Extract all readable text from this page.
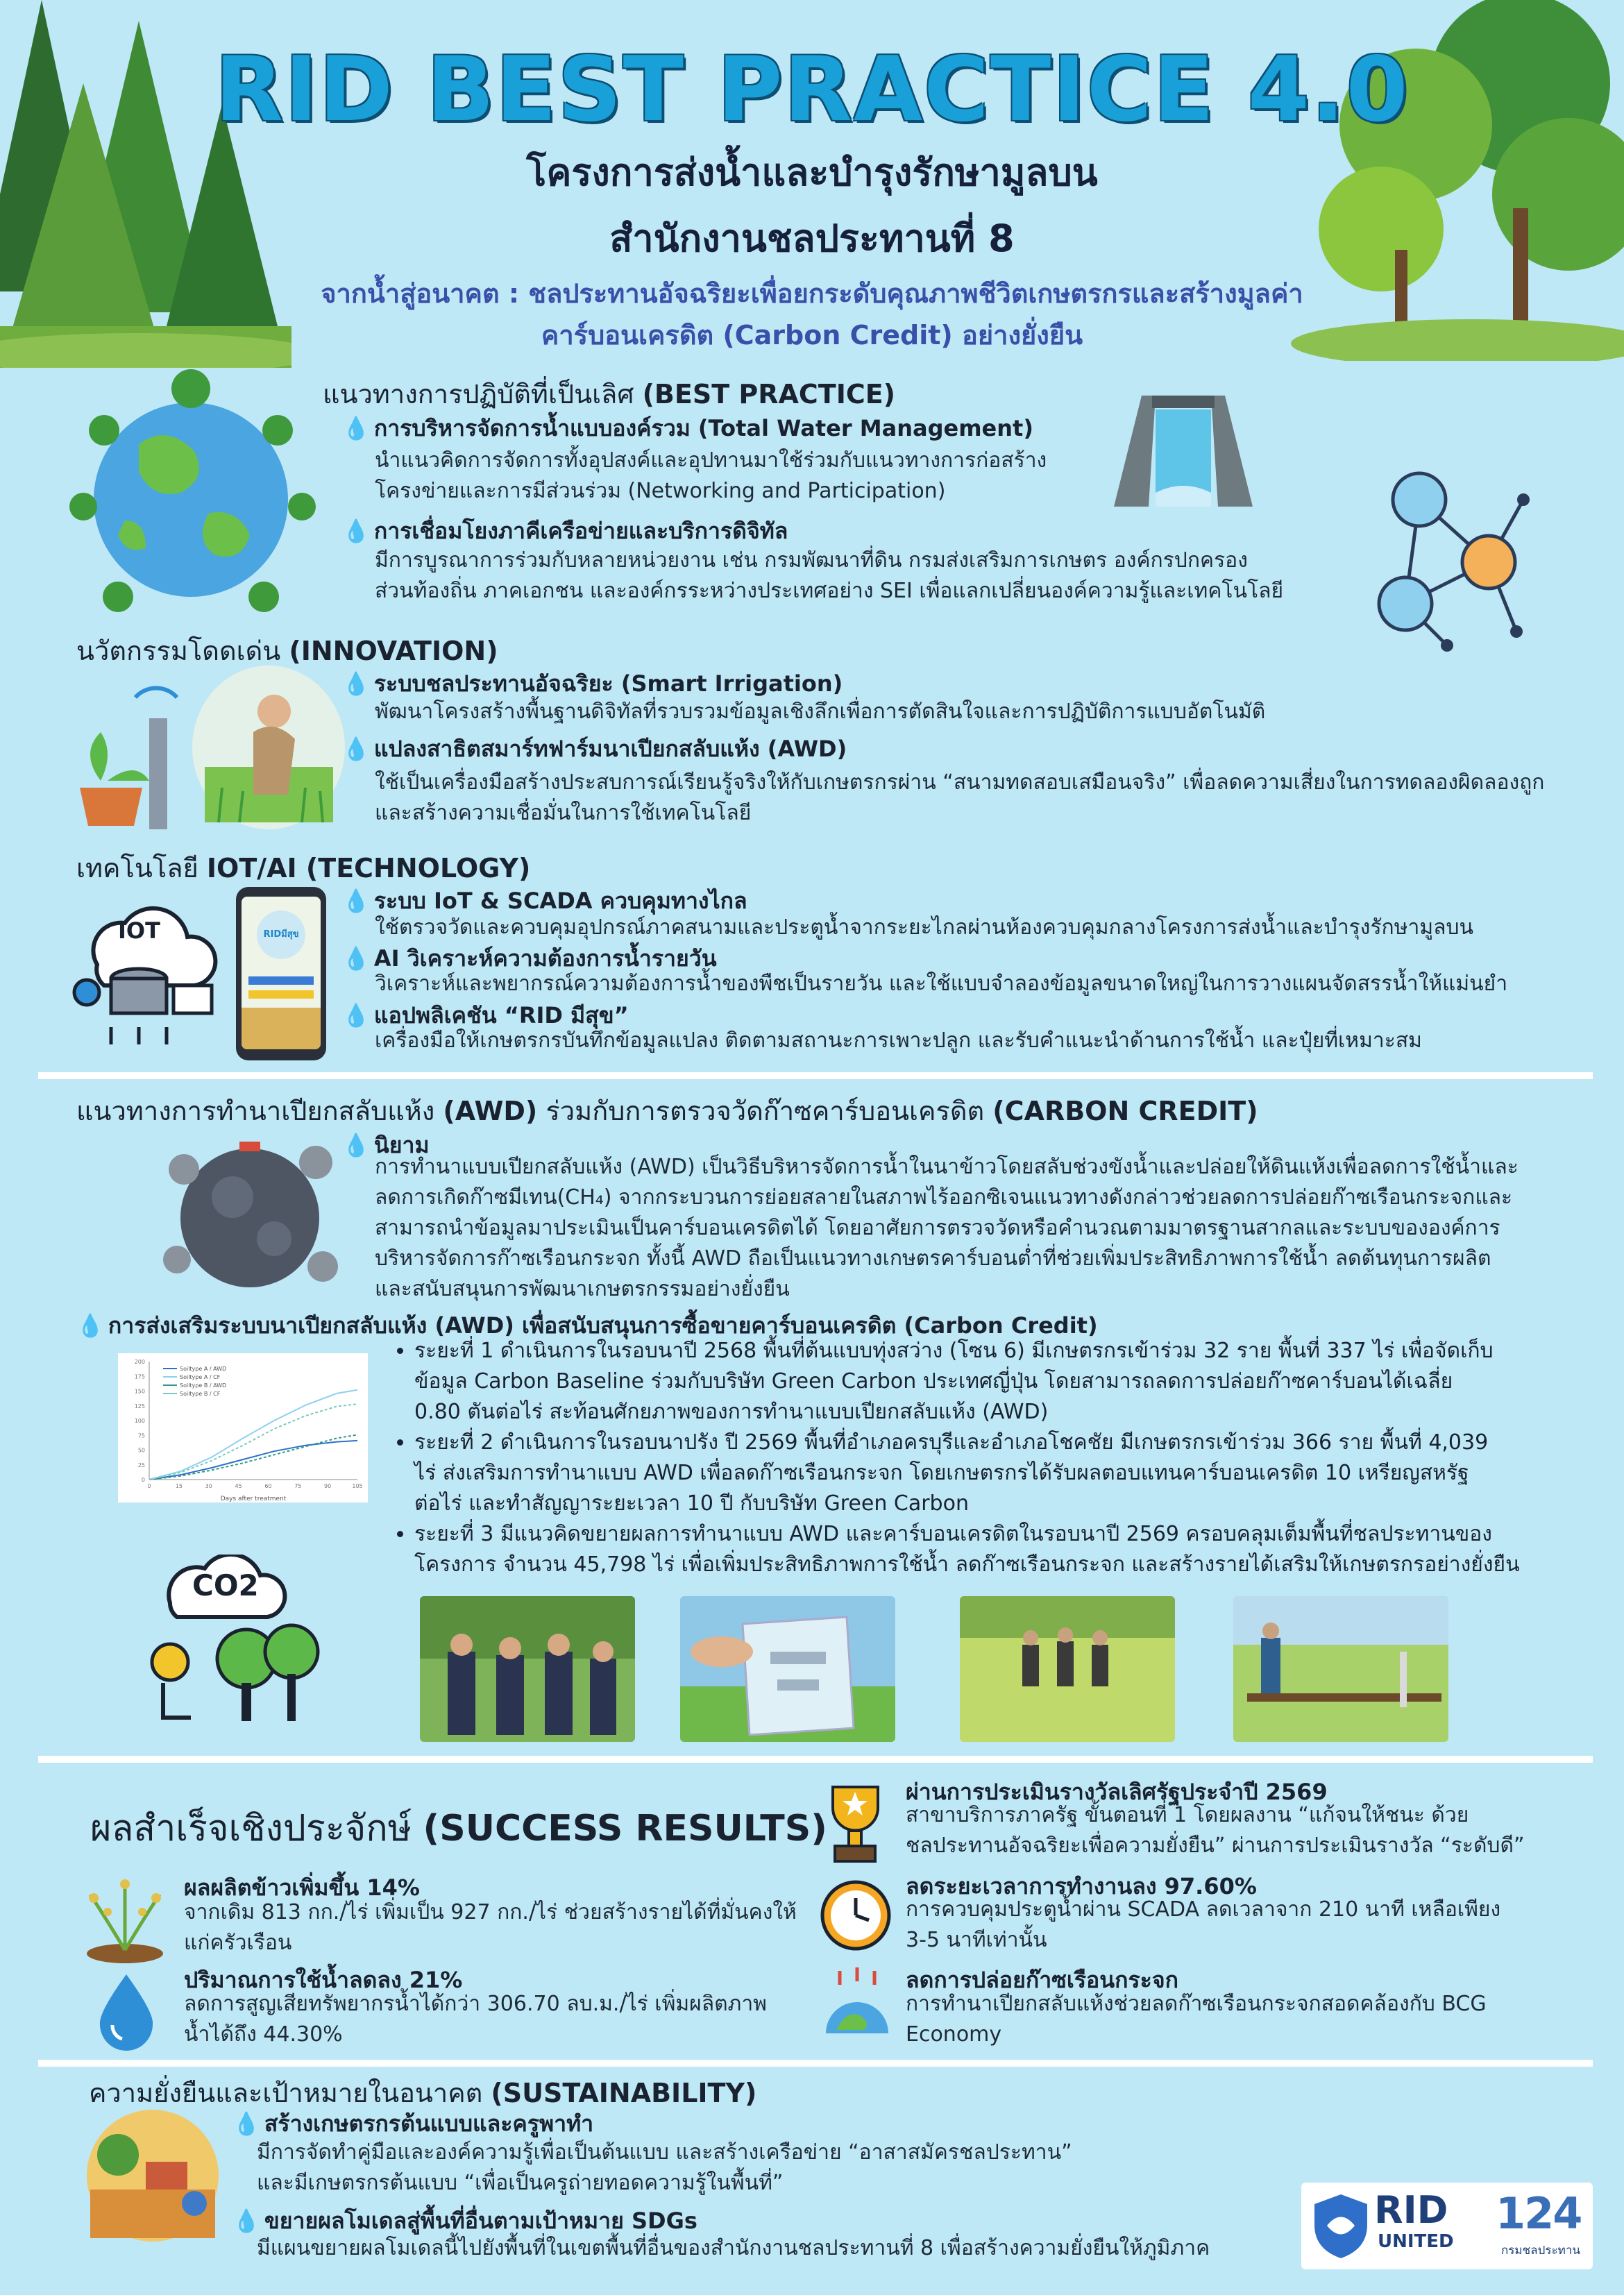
RID BEST PRACTICE 4.0
โครงการส่งน้ำและบำรุงรักษามูลบน
สำนักงานชลประทานที่ 8
จากน้ำสู่อนาคต : ชลประทานอัจฉริยะเพื่อยกระดับคุณภาพชีวิตเกษตรกรและสร้างมูลค่า
คาร์บอนเครดิต (Carbon Credit) อย่างยั่งยืน
แนวทางการปฏิบัติที่เป็นเลิศ (BEST PRACTICE)
💧 การบริหารจัดการน้ำแบบองค์รวม (Total Water Management)
นำแนวคิดการจัดการทั้งอุปสงค์และอุปทานมาใช้ร่วมกับแนวทางการก่อสร้าง
โครงข่ายและการมีส่วนร่วม (Networking and Participation)
💧 การเชื่อมโยงภาคีเครือข่ายและบริการดิจิทัล
มีการบูรณาการร่วมกับหลายหน่วยงาน เช่น กรมพัฒนาที่ดิน กรมส่งเสริมการเกษตร องค์กรปกครอง
ส่วนท้องถิ่น ภาคเอกชน และองค์กรระหว่างประเทศอย่าง SEI เพื่อแลกเปลี่ยนองค์ความรู้และเทคโนโลยี
นวัตกรรมโดดเด่น (INNOVATION)
💧 ระบบชลประทานอัจฉริยะ (Smart Irrigation)
พัฒนาโครงสร้างพื้นฐานดิจิทัลที่รวบรวมข้อมูลเชิงลึกเพื่อการตัดสินใจและการปฏิบัติการแบบอัตโนมัติ
💧 แปลงสาธิตสมาร์ทฟาร์มนาเปียกสลับแห้ง (AWD)
ใช้เป็นเครื่องมือสร้างประสบการณ์เรียนรู้จริงให้กับเกษตรกรผ่าน “สนามทดสอบเสมือนจริง” เพื่อลดความเสี่ยงในการทดลองผิดลองถูก
และสร้างความเชื่อมั่นในการใช้เทคโนโลยี
เทคโนโลยี IOT/AI (TECHNOLOGY)
IOT	RIDมีสุข
💧 ระบบ IoT & SCADA ควบคุมทางไกล
ใช้ตรวจวัดและควบคุมอุปกรณ์ภาคสนามและประตูน้ำจากระยะไกลผ่านห้องควบคุมกลางโครงการส่งน้ำและบำรุงรักษามูลบน
💧 AI วิเคราะห์ความต้องการน้ำรายวัน
วิเคราะห์และพยากรณ์ความต้องการน้ำของพืชเป็นรายวัน และใช้แบบจำลองข้อมูลขนาดใหญ่ในการวางแผนจัดสรรน้ำให้แม่นยำ
💧 แอปพลิเคชัน “RID มีสุข”
เครื่องมือให้เกษตรกรบันทึกข้อมูลแปลง ติดตามสถานะการเพาะปลูก และรับคำแนะนำด้านการใช้น้ำ และปุ๋ยที่เหมาะสม
แนวทางการทำนาเปียกสลับแห้ง (AWD) ร่วมกับการตรวจวัดก๊าซคาร์บอนเครดิต (CARBON CREDIT)
💧 นิยาม
การทำนาแบบเปียกสลับแห้ง (AWD) เป็นวิธีบริหารจัดการน้ำในนาข้าวโดยสลับช่วงขังน้ำและปล่อยให้ดินแห้งเพื่อลดการใช้น้ำและ
ลดการเกิดก๊าซมีเทน(CH₄) จากกระบวนการย่อยสลายในสภาพไร้ออกซิเจนแนวทางดังกล่าวช่วยลดการปล่อยก๊าซเรือนกระจกและ
สามารถนำข้อมูลมาประเมินเป็นคาร์บอนเครดิตได้ โดยอาศัยการตรวจวัดหรือคำนวณตามมาตรฐานสากลและระบบขององค์การ
บริหารจัดการก๊าซเรือนกระจก ทั้งนี้ AWD ถือเป็นแนวทางเกษตรคาร์บอนต่ำที่ช่วยเพิ่มประสิทธิภาพการใช้น้ำ ลดต้นทุนการผลิต
และสนับสนุนการพัฒนาเกษตรกรรมอย่างยั่งยืน
💧 การส่งเสริมระบบนาเปียกสลับแห้ง (AWD) เพื่อสนับสนุนการซื้อขายคาร์บอนเครดิต (Carbon Credit)
0
25
50
75
100
125
150
175
200
0	15	30	45	60	75	90	105
Days after treatment
Soiltype A / AWD
Soiltype A / CF
Soiltype B / AWD
Soiltype B / CF
• ระยะที่ 1 ดำเนินการในรอบนาปี 2568 พื้นที่ต้นแบบทุ่งสว่าง (โซน 6) มีเกษตรกรเข้าร่วม 32 ราย พื้นที่ 337 ไร่ เพื่อจัดเก็บ
ข้อมูล Carbon Baseline ร่วมกับบริษัท Green Carbon ประเทศญี่ปุ่น โดยสามารถลดการปล่อยก๊าซคาร์บอนได้เฉลี่ย
0.80 ตันต่อไร่ สะท้อนศักยภาพของการทำนาแบบเปียกสลับแห้ง (AWD)
• ระยะที่ 2 ดำเนินการในรอบนาปรัง ปี 2569 พื้นที่อำเภอครบุรีและอำเภอโชคชัย มีเกษตรกรเข้าร่วม 366 ราย พื้นที่ 4,039
ไร่ ส่งเสริมการทำนาแบบ AWD เพื่อลดก๊าซเรือนกระจก โดยเกษตรกรได้รับผลตอบแทนคาร์บอนเครดิต 10 เหรียญสหรัฐ
ต่อไร่ และทำสัญญาระยะเวลา 10 ปี กับบริษัท Green Carbon
• ระยะที่ 3 มีแนวคิดขยายผลการทำนาแบบ AWD และคาร์บอนเครดิตในรอบนาปี 2569 ครอบคลุมเต็มพื้นที่ชลประทานของ
โครงการ จำนวน 45,798 ไร่ เพื่อเพิ่มประสิทธิภาพการใช้น้ำ ลดก๊าซเรือนกระจก และสร้างรายได้เสริมให้เกษตรกรอย่างยั่งยืน
CO2
ผลสำเร็จเชิงประจักษ์ (SUCCESS RESULTS)
ผลผลิตข้าวเพิ่มขึ้น 14%
จากเดิม 813 กก./ไร่ เพิ่มเป็น 927 กก./ไร่ ช่วยสร้างรายได้ที่มั่นคงให้
แก่ครัวเรือน
ปริมาณการใช้น้ำลดลง 21%
ลดการสูญเสียทรัพยากรน้ำได้กว่า 306.70 ลบ.ม./ไร่ เพิ่มผลิตภาพ
น้ำได้ถึง 44.30%
ผ่านการประเมินรางวัลเลิศรัฐประจำปี 2569
สาขาบริการภาครัฐ ขั้นตอนที่ 1 โดยผลงาน “แก้จนให้ชนะ ด้วย
ชลประทานอัจฉริยะเพื่อความยั่งยืน” ผ่านการประเมินรางวัล “ระดับดี”
ลดระยะเวลาการทำงานลง 97.60%
การควบคุมประตูน้ำผ่าน SCADA ลดเวลาจาก 210 นาที เหลือเพียง
3-5 นาทีเท่านั้น
ลดการปล่อยก๊าซเรือนกระจก
การทำนาเปียกสลับแห้งช่วยลดก๊าซเรือนกระจกสอดคล้องกับ BCG
Economy
ความยั่งยืนและเป้าหมายในอนาคต (SUSTAINABILITY)
💧 สร้างเกษตรกรต้นแบบและครูพาทำ
มีการจัดทำคู่มือและองค์ความรู้เพื่อเป็นต้นแบบ และสร้างเครือข่าย “อาสาสมัครชลประทาน”
และมีเกษตรกรต้นแบบ “เพื่อเป็นครูถ่ายทอดความรู้ในพื้นที่”
💧 ขยายผลโมเดลสู่พื้นที่อื่นตามเป้าหมาย SDGs
มีแผนขยายผลโมเดลนี้ไปยังพื้นที่ในเขตพื้นที่อื่นของสำนักงานชลประทานที่ 8 เพื่อสร้างความยั่งยืนให้ภูมิภาค
RID
UNITED
124
กรมชลประทาน
